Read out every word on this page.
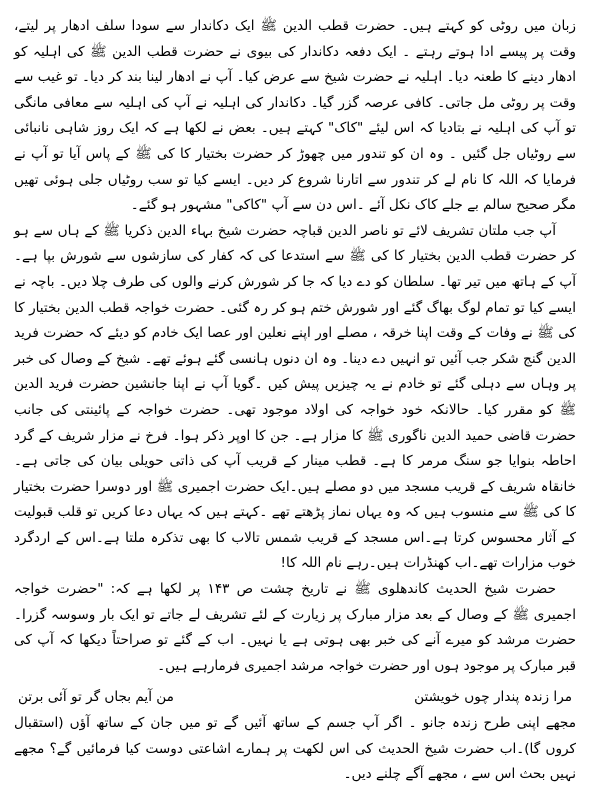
زبان میں روٹی کو کہتے ہیں۔ حضرت قطب الدین ﷺ ایک دکاندار سے سودا سلف ادھار پر لیتے، وقت پر پیسے ادا ہوتے رہتے ۔ ایک دفعہ دکاندار کی بیوی نے حضرت قطب الدین ﷺ کی اہلیہ کو ادھار دینے کا طعنہ دیا۔ اہلیہ نے حضرت شیخ سے عرض کیا۔ آپ نے ادھار لینا بند کر دیا۔ تو غیب سے وقت پر روٹی مل جاتی۔ کافی عرصہ گزر گیا۔ دکاندار کی اہلیہ نے آپ کی اہلیہ سے معافی مانگی تو آپ کی اہلیہ نے بتادیا کہ اس لیئے "کاک" کہتے ہیں۔ بعض نے لکھا ہے کہ ایک روز شاہی نانبائی سے روٹیاں جل گئیں ۔ وہ ان کو تندور میں چھوڑ کر حضرت بختیار کا کی ﷺ کے پاس آیا تو آپ نے فرمایا کہ اللہ کا نام لے کر تندور سے اتارنا شروع کر دیں۔ ایسے کیا تو سب روٹیاں جلی ہوئی تھیں مگر صحیح سالم بے جلے کاک نکل آئے ۔اس دن سے آپ "کاکی" مشہور ہو گئے۔

آپ جب ملتان تشریف لائے تو ناصر الدین قباچہ حضرت شیخ بہاء الدین ذکریا ﷺ کے ہاں سے ہو کر حضرت قطب الدین بختیار کا کی ﷺ سے استدعا کی کہ کفار کی سازشوں سے شورش بپا ہے۔ آپ کے ہاتھ میں تیر تھا۔ سلطان کو دے دیا کہ جا کر شورش کرنے والوں کی طرف چلا دیں۔ باچہ نے ایسے کیا تو تمام لوگ بھاگ گئے اور شورش ختم ہو کر رہ گئی۔ حضرت خواجہ قطب الدین بختیار کا کی ﷺ نے وفات کے وقت اپنا خرقہ ، مصلے اور اپنے نعلین اور عصا ایک خادم کو دیئے کہ حضرت فرید الدین گنج شکر جب آئیں تو انہیں دے دینا۔ وہ ان دنوں ہانسی گئے ہوئے تھے۔ شیخ کے وصال کی خبر پر وہاں سے دہلی گئے تو خادم نے یہ چیزیں پیش کیں ۔گویا آپ نے اپنا جانشین حضرت فرید الدین ﷺ کو مقرر کیا۔ حالانکہ خود خواجہ کی اولاد موجود تھی۔ حضرت خواجہ کے پائینتی کی جانب حضرت قاضی حمید الدین ناگوری ﷺ کا مزار ہے۔ جن کا اوپر ذکر ہوا۔ فرخ نے مزار شریف کے گرد احاطہ بنوایا جو سنگ مرمر کا ہے۔ قطب مینار کے قریب آپ کی ذاتی حویلی بیان کی جاتی ہے۔ خانقاہ شریف کے قریب مسجد میں دو مصلے ہیں۔ایک حضرت اجمیری ﷺ اور دوسرا حضرت بختیار کا کی ﷺ سے منسوب ہیں کہ وہ یہاں نماز پڑھتے تھے ۔کہتے ہیں کہ یہاں دعا کریں تو قلب قبولیت کے آثار محسوس کرتا ہے۔اس مسجد کے قریب شمس تالاب کا بھی تذکرہ ملتا ہے۔اس کے اردگرد خوب مزارات تھے۔اب کھنڈرات ہیں۔رہے نام اللہ کا!

حضرت شیخ الحدیث کاندھلوی ﷺ نے تاریخ چشت ص ۱۴۳ پر لکھا ہے کہ: "حضرت خواجہ اجمیری ﷺ کے وصال کے بعد مزار مبارک پر زیارت کے لئے تشریف لے جاتے تو ایک بار وسوسہ گزرا۔ حضرت مرشد کو میرے آنے کی خبر بھی ہوتی ہے یا نہیں۔ اب کے گئے تو صراحتاً دیکھا کہ آپ کی قبر مبارک پر موجود ہوں اور حضرت خواجہ مرشد اجمیری فرمارہے ہیں۔

مرا زندہ پندار چوں خویشتن
من آیم بجاں گر تو آئی برتن

مجھے اپنی طرح زندہ جانو ۔ اگر آپ جسم کے ساتھ آئیں گے تو میں جان کے ساتھ آؤں (استقبال کروں گا)۔اب حضرت شیخ الحدیث کی اس لکھت پر ہمارے اشاعتی دوست کیا فرمائیں گے؟ مجھے نہیں بحث اس سے ، مجھے آگے چلنے دیں۔
